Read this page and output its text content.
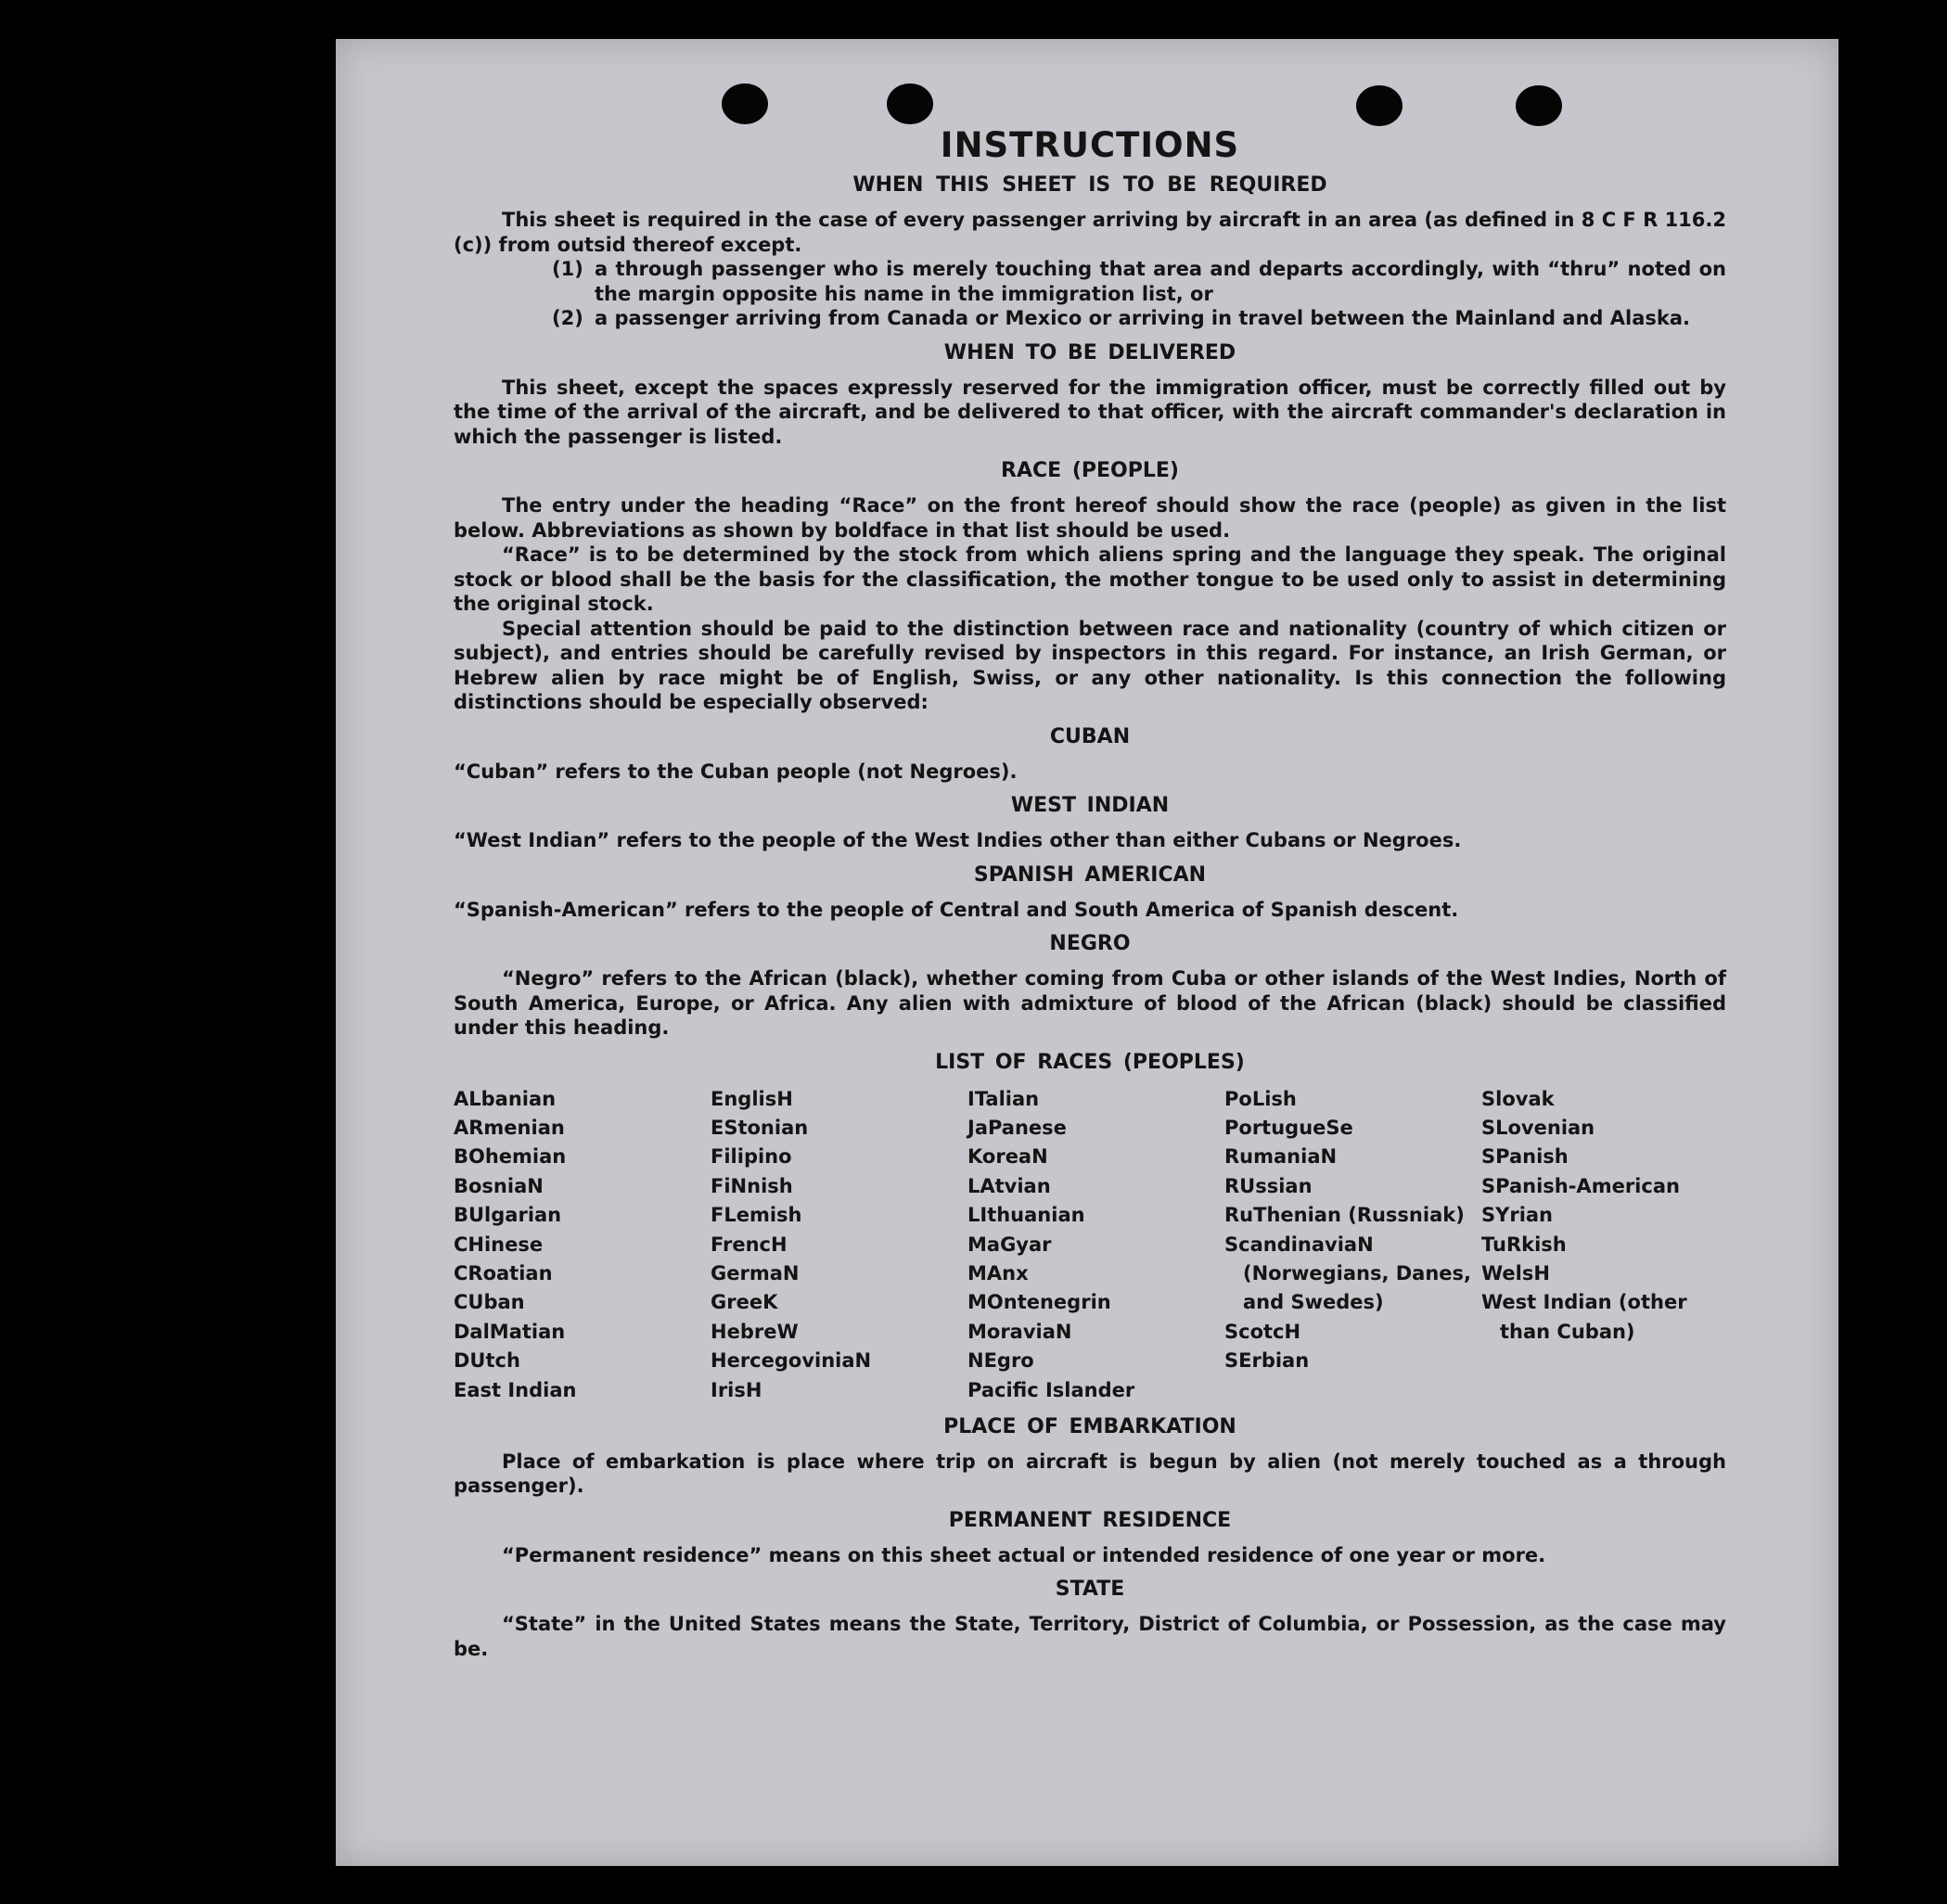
INSTRUCTIONS
WHEN THIS SHEET IS TO BE REQUIRED

This sheet is required in the case of every passenger arriving by aircraft in an area (as defined in 8 C F R 116.2 (c)) from outsid thereof except.

(1) a through passenger who is merely touching that area and departs accordingly, with “thru” noted on the margin opposite his name in the immigration list, or
(2) a passenger arriving from Canada or Mexico or arriving in travel between the Mainland and Alaska.
WHEN TO BE DELIVERED

This sheet, except the spaces expressly reserved for the immigration officer, must be correctly filled out by the time of the arrival of the aircraft, and be delivered to that officer, with the aircraft commander's declaration in which the passenger is listed.

RACE (PEOPLE)

The entry under the heading “Race” on the front hereof should show the race (people) as given in the list below. Abbreviations as shown by boldface in that list should be used.

“Race” is to be determined by the stock from which aliens spring and the language they speak. The original stock or blood shall be the basis for the classification, the mother tongue to be used only to assist in determining the original stock.

Special attention should be paid to the distinction between race and nationality (country of which citizen or subject), and entries should be carefully revised by inspectors in this regard. For instance, an Irish German, or Hebrew alien by race might be of English, Swiss, or any other nationality. Is this connection the following distinctions should be especially observed:

CUBAN

“Cuban” refers to the Cuban people (not Negroes).

WEST INDIAN

“West Indian” refers to the people of the West Indies other than either Cubans or Negroes.

SPANISH AMERICAN

“Spanish-American” refers to the people of Central and South America of Spanish descent.

NEGRO

“Negro” refers to the African (black), whether coming from Cuba or other islands of the West Indies, North of South America, Europe, or Africa. Any alien with admixture of blood of the African (black) should be classified under this heading.

LIST OF RACES (PEOPLES)
ALbanian
ARmenian
BOhemian
BosniaN
BUlgarian
CHinese
CRoatian
CUban
DalMatian
DUtch
East Indian
EnglisH
EStonian
Filipino
FiNnish
FLemish
FrencH
GermaN
GreeK
HebreW
HercegoviniaN
IrisH
ITalian
JaPanese
KoreaN
LAtvian
LIthuanian
MaGyar
MAnx
MOntenegrin
MoraviaN
NEgro
Pacific Islander
PoLish
PortugueSe
RumaniaN
RUssian
RuThenian (Russniak)
ScandinaviaN (Norwegians, Danes, and Swedes)
ScotcH
SErbian
Slovak
SLovenian
SPanish
SPanish-American
SYrian
TuRkish
WelsH
West Indian (other than Cuban)
PLACE OF EMBARKATION

Place of embarkation is place where trip on aircraft is begun by alien (not merely touched as a through passenger).

PERMANENT RESIDENCE

“Permanent residence” means on this sheet actual or intended residence of one year or more.

STATE

“State” in the United States means the State, Territory, District of Columbia, or Possession, as the case may be.
